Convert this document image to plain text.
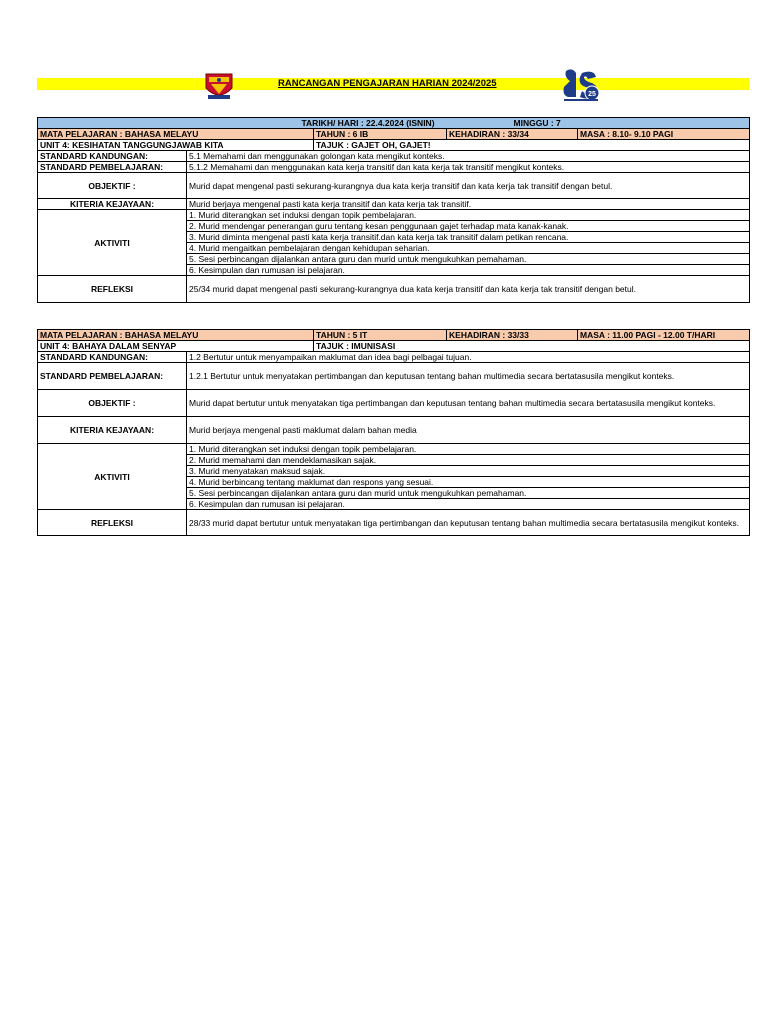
RANCANGAN PENGAJARAN HARIAN 2024/2025
25
TARIKH/ HARI : 22.4.2024 (ISNIN)			MINGGU : 7	
MATA PELAJARAN : BAHASA MELAYU		TAHUN : 6 IB	KEHADIRAN : 33/34	MASA : 8.10- 9.10 PAGI
UNIT 4: KESIHATAN TANGGUNGJAWAB KITA		TAJUK : GAJET OH, GAJET!		
STANDARD KANDUNGAN:	5.1 Memahami dan menggunakan golongan kata mengikut konteks.			
STANDARD PEMBELAJARAN:	5.1.2 Memahami dan menggunakan kata kerja transitif dan kata kerja tak transitif mengikut konteks.			
OBJEKTIF :	Murid dapat mengenal pasti sekurang-kurangnya dua kata kerja transitif dan kata kerja tak transitif dengan betul.			
KITERIA KEJAYAAN:	Murid berjaya mengenal pasti kata kerja transitif dan kata kerja tak transitif.			
AKTIVITI	1. Murid diterangkan set induksi dengan topik pembelajaran.			
	2. Murid mendengar penerangan guru tentang kesan penggunaan gajet terhadap mata kanak-kanak.			
	3. Murid diminta mengenal pasti kata kerja transitif.dan kata kerja tak transitif dalam petikan rencana.			
	4. Murid mengaitkan pembelajaran dengan kehidupan seharian.			
	5. Sesi perbincangan dijalankan antara guru dan murid untuk mengukuhkan pemahaman.			
	6. Kesimpulan dan rumusan isi pelajaran.			
REFLEKSI	25/34 murid dapat mengenal pasti sekurang-kurangnya dua kata kerja transitif dan kata kerja tak transitif dengan betul.			
MATA PELAJARAN : BAHASA MELAYU		TAHUN : 5 IT	KEHADIRAN : 33/33	MASA : 11.00 PAGI - 12.00 T/HARI
UNIT 4: BAHAYA DALAM SENYAP		TAJUK : IMUNISASI		
STANDARD KANDUNGAN:	1.2 Bertutur untuk menyampaikan maklumat dan idea bagi pelbagai tujuan.			
STANDARD PEMBELAJARAN:	1.2.1 Bertutur untuk menyatakan pertimbangan dan keputusan tentang bahan multimedia secara bertatasusila mengikut konteks.			
OBJEKTIF :	Murid dapat bertutur untuk menyatakan tiga pertimbangan dan keputusan tentang bahan multimedia secara bertatasusila mengikut konteks.			
KITERIA KEJAYAAN:	Murid berjaya mengenal pasti maklumat dalam bahan media			
AKTIVITI	1. Murid diterangkan set induksi dengan topik pembelajaran.			
	2. Murid memahami dan mendeklamasikan sajak.			
	3. Murid menyatakan maksud sajak.			
	4. Murid berbincang tentang maklumat dan respons yang sesuai.			
	5. Sesi perbincangan dijalankan antara guru dan murid untuk mengukuhkan pemahaman.			
	6. Kesimpulan dan rumusan isi pelajaran.			
REFLEKSI	28/33 murid dapat bertutur untuk menyatakan tiga pertimbangan dan keputusan tentang bahan multimedia secara bertatasusila mengikut konteks.			
